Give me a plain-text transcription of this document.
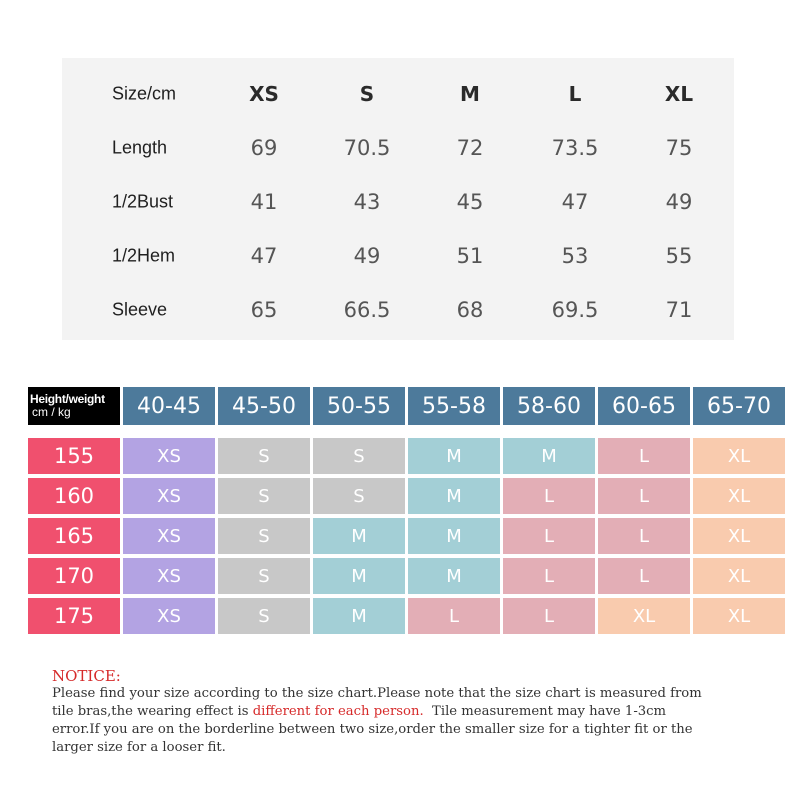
Size/cm	XS	S	M	L	XL
Length	69	70.5	72	73.5	75
1/2Bust	41	43	45	47	49
1/2Hem	47	49	51	53	55
Sleeve	65	66.5	68	69.5	71
Height/weight
cm / kg	40-45	45-50	50-55	55-58	58-60	60-65	65-70
155	XS	S	S	M	M	L	XL
160	XS	S	S	M	L	L	XL
165	XS	S	M	M	L	L	XL
170	XS	S	M	M	L	L	XL
175	XS	S	M	L	L	XL	XL

NOTICE:

Please find your size according to the size chart.Please note that the size chart is measured from

tile bras,the wearing effect is different for each person.  Tile measurement may have 1-3cm

error.If you are on the borderline between two size,order the smaller size for a tighter fit or the

larger size for a looser fit.
